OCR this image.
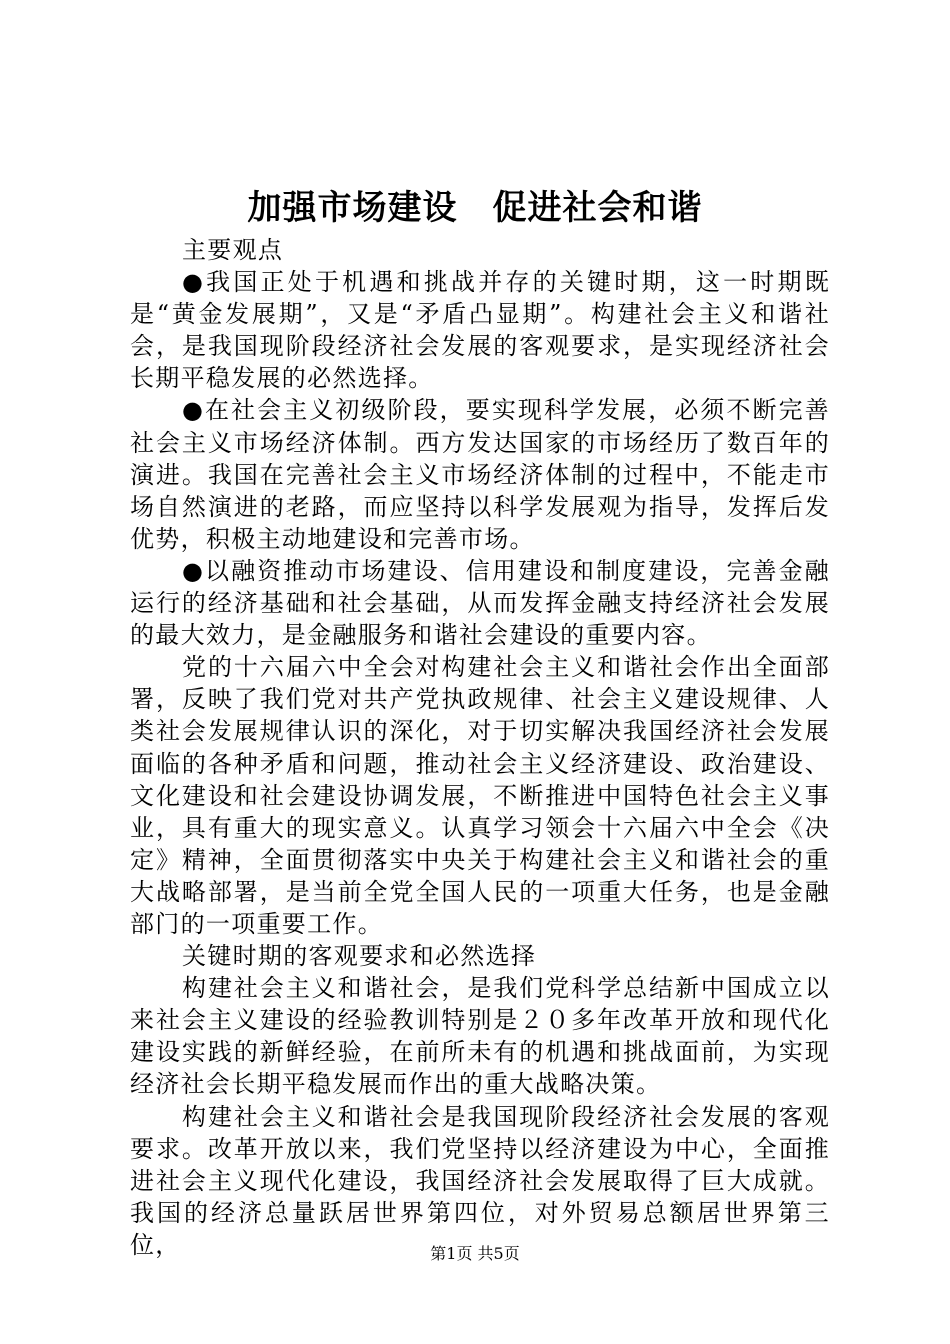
加强市场建设　促进社会和谐

主要观点

●我国正处于机遇和挑战并存的关键时期，这一时期既是“黄金发展期”，又是“矛盾凸显期”。构建社会主义和谐社会，是我国现阶段经济社会发展的客观要求，是实现经济社会长期平稳发展的必然选择。

●在社会主义初级阶段，要实现科学发展，必须不断完善社会主义市场经济体制。西方发达国家的市场经历了数百年的演进。我国在完善社会主义市场经济体制的过程中，不能走市场自然演进的老路，而应坚持以科学发展观为指导，发挥后发优势，积极主动地建设和完善市场。

●以融资推动市场建设、信用建设和制度建设，完善金融运行的经济基础和社会基础，从而发挥金融支持经济社会发展的最大效力，是金融服务和谐社会建设的重要内容。

党的十六届六中全会对构建社会主义和谐社会作出全面部署，反映了我们党对共产党执政规律、社会主义建设规律、人类社会发展规律认识的深化，对于切实解决我国经济社会发展面临的各种矛盾和问题，推动社会主义经济建设、政治建设、文化建设和社会建设协调发展，不断推进中国特色社会主义事业，具有重大的现实意义。认真学习领会十六届六中全会《决定》精神，全面贯彻落实中央关于构建社会主义和谐社会的重大战略部署，是当前全党全国人民的一项重大任务，也是金融部门的一项重要工作。

关键时期的客观要求和必然选择

构建社会主义和谐社会，是我们党科学总结新中国成立以来社会主义建设的经验教训特别是２０多年改革开放和现代化建设实践的新鲜经验，在前所未有的机遇和挑战面前，为实现经济社会长期平稳发展而作出的重大战略决策。

构建社会主义和谐社会是我国现阶段经济社会发展的客观要求。改革开放以来，我们党坚持以经济建设为中心，全面推进社会主义现代化建设，我国经济社会发展取得了巨大成就。我国的经济总量跃居世界第四位，对外贸易总额居世界第三位，	第1页 共5页
